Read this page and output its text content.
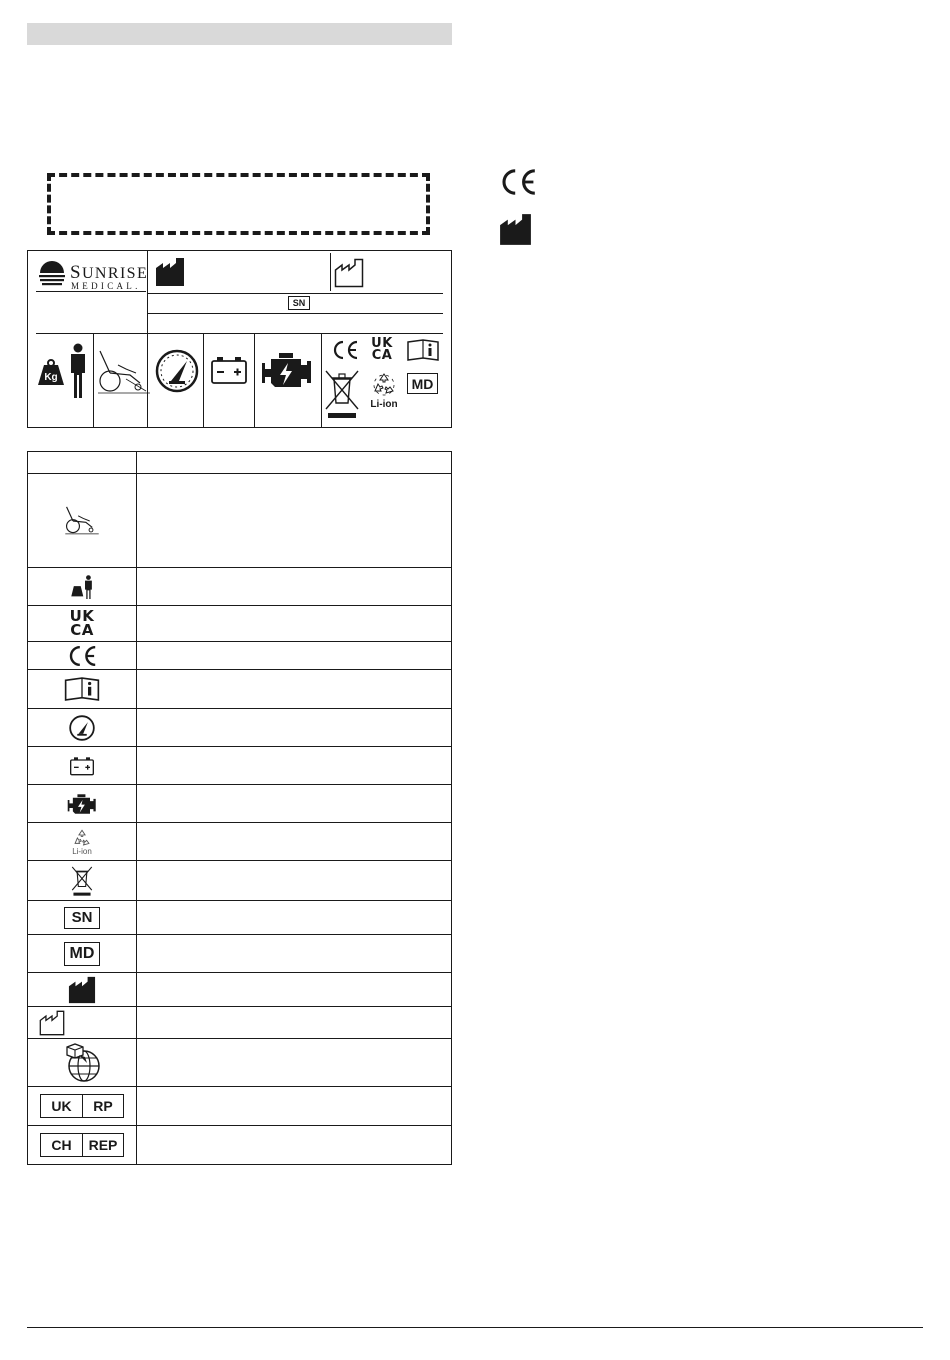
SUNRISE
MEDICAL.
SN
Kg
UK
CA
Li-ion
MD
UK
CA
Li-ion
SN
MD
UK	RP
CH	REP
